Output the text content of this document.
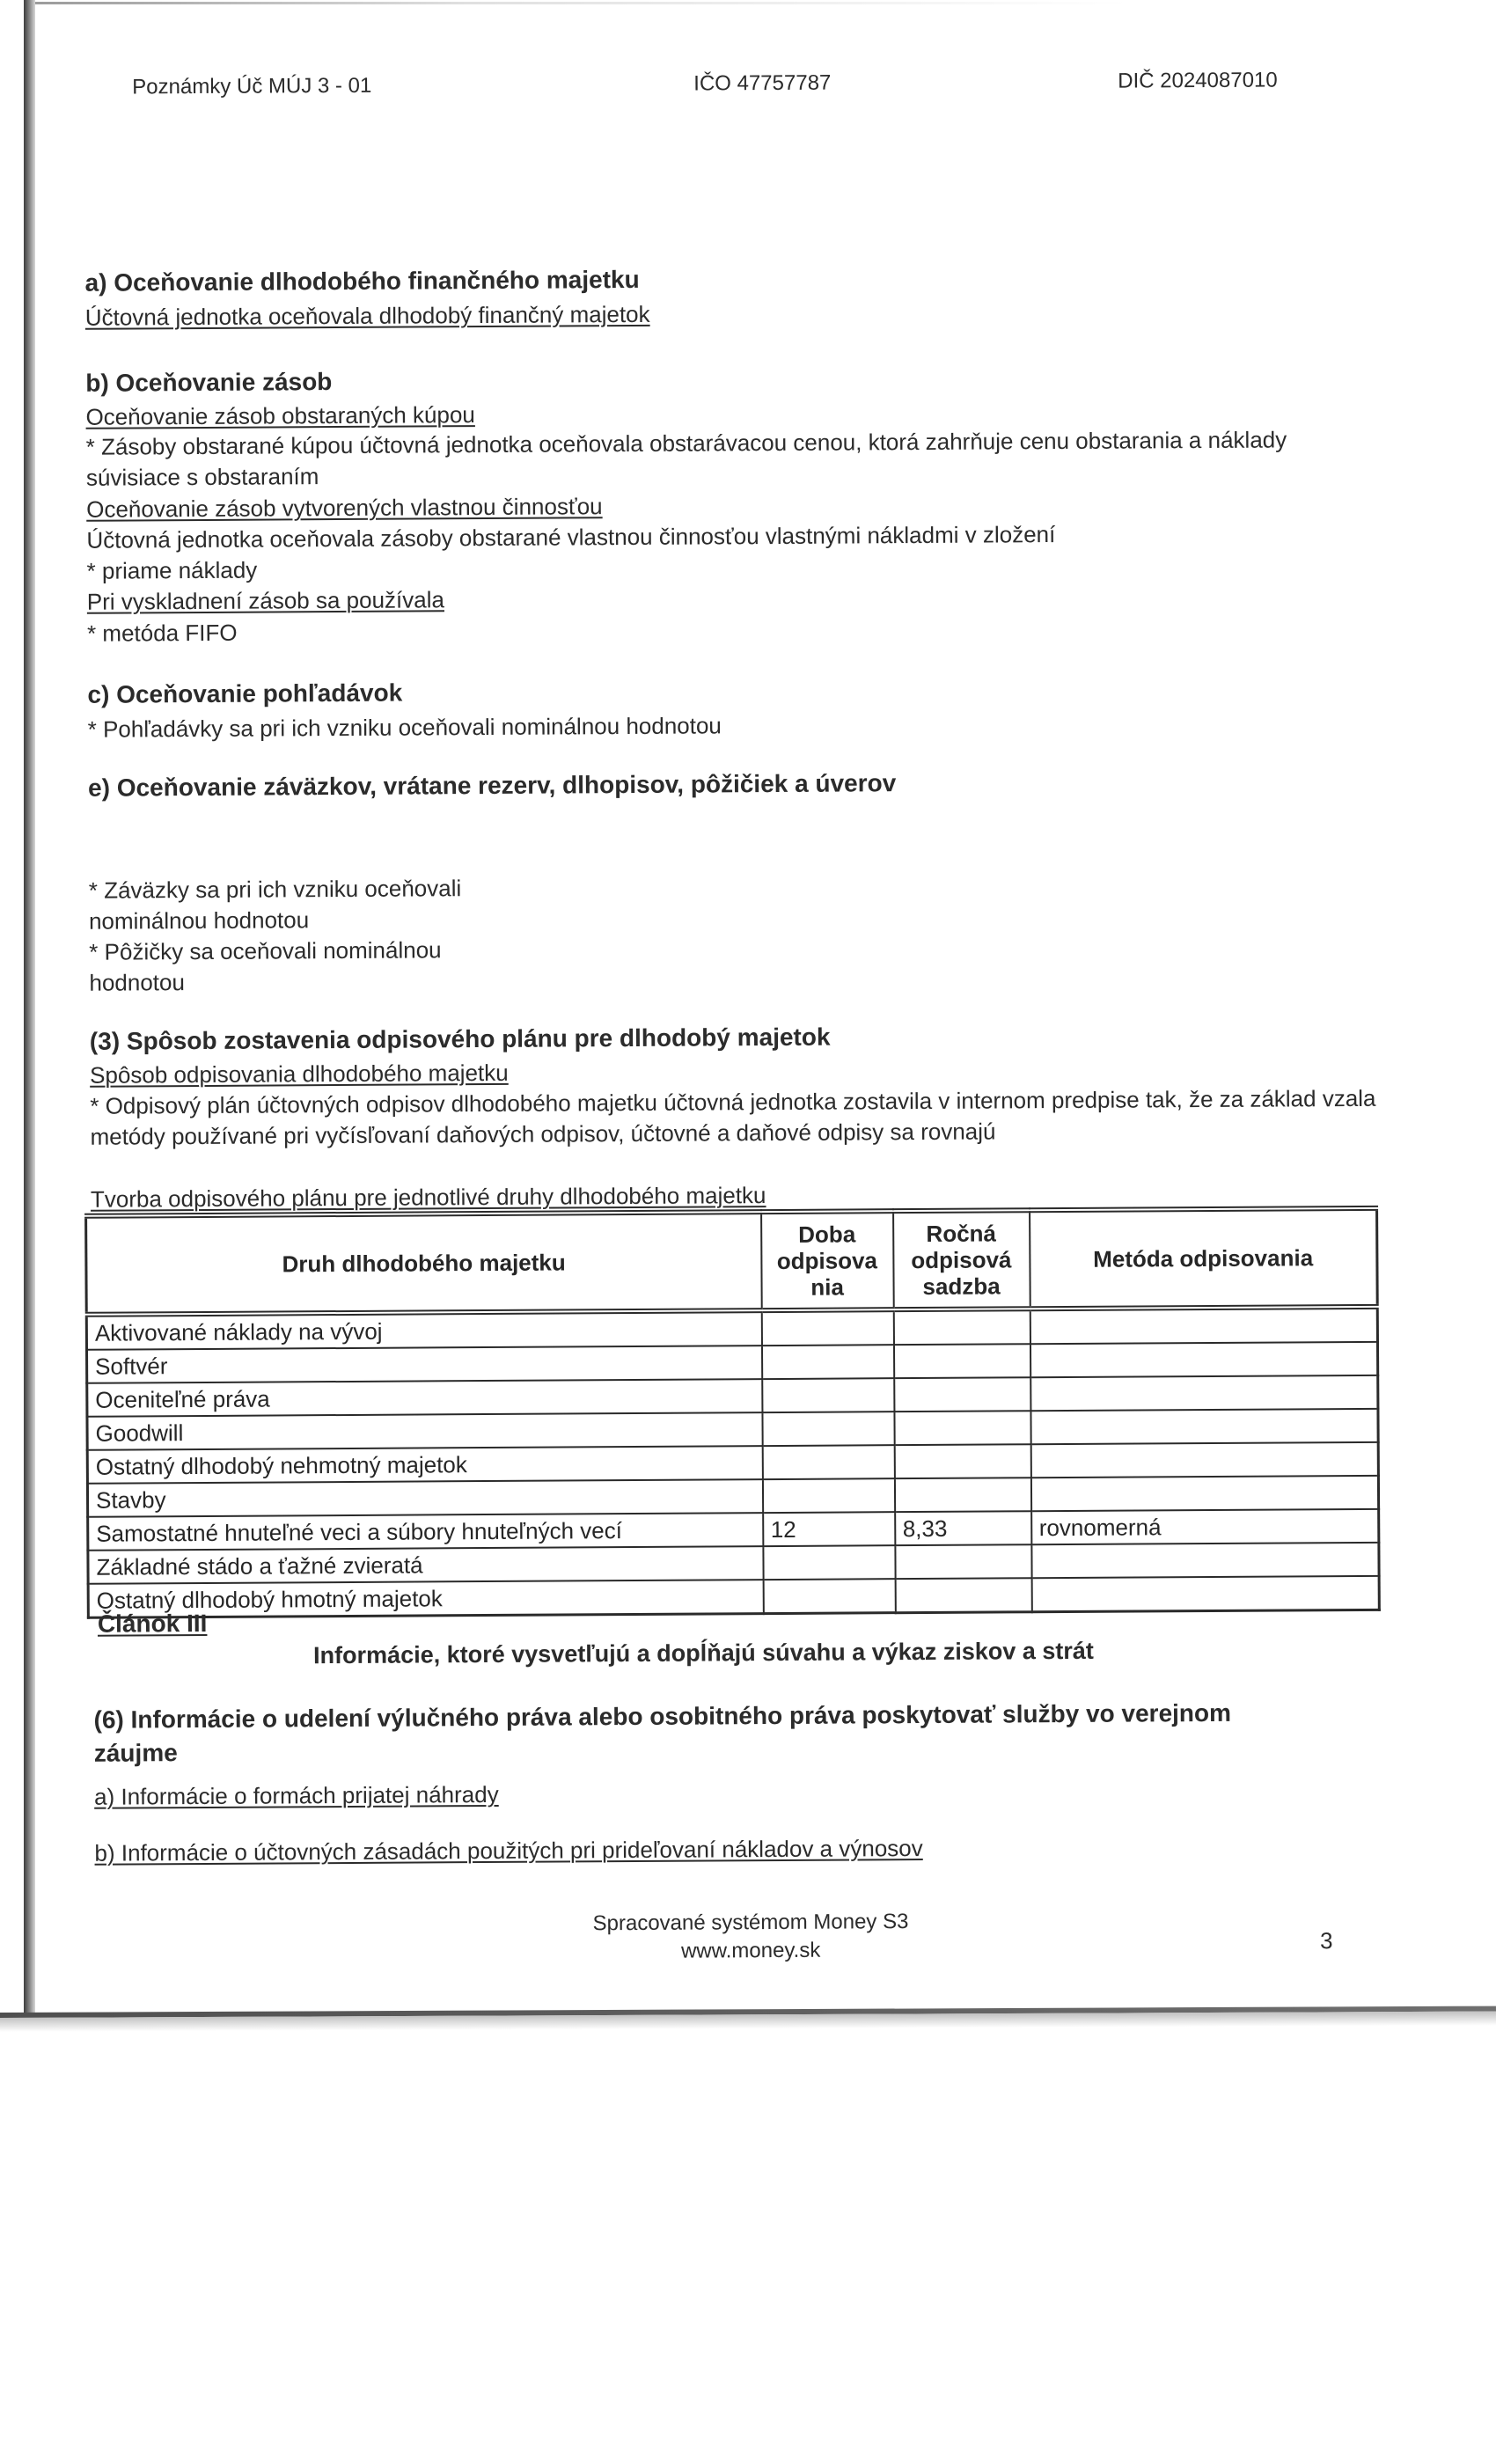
Poznámky Úč MÚJ 3 - 01	IČO 47757787	DIČ 2024087010
a) Oceňovanie dlhodobého finančného majetku
Účtovná jednotka oceňovala dlhodobý finančný majetok
b) Oceňovanie zásob
Oceňovanie zásob obstaraných kúpou
* Zásoby obstarané kúpou účtovná jednotka oceňovala obstarávacou cenou, ktorá zahrňuje cenu obstarania a náklady súvisiace s obstaraním
Oceňovanie zásob vytvorených vlastnou činnosťou
Účtovná jednotka oceňovala zásoby obstarané vlastnou činnosťou vlastnými nákladmi v zložení
* priame náklady
Pri vyskladnení zásob sa používala
* metóda FIFO
c) Oceňovanie pohľadávok
* Pohľadávky sa pri ich vzniku oceňovali nominálnou hodnotou
e) Oceňovanie záväzkov, vrátane rezerv, dlhopisov, pôžičiek a úverov
* Záväzky sa pri ich vzniku oceňovali
nominálnou hodnotou
* Pôžičky sa oceňovali nominálnou
hodnotou
(3) Spôsob zostavenia odpisového plánu pre dlhodobý majetok
Spôsob odpisovania dlhodobého majetku
* Odpisový plán účtovných odpisov dlhodobého majetku účtovná jednotka zostavila v internom predpise tak, že za základ vzala metódy používané pri vyčísľovaní daňových odpisov, účtovné a daňové odpisy sa rovnajú
Tvorba odpisového plánu pre jednotlivé druhy dlhodobého majetku
Druh dlhodobého majetku	Doba odpisova nia	Ročná odpisová sadzba	Metóda odpisovania
Aktivované náklady na vývoj			
Softvér			
Oceniteľné práva			
Goodwill			
Ostatný dlhodobý nehmotný majetok			
Stavby			
Samostatné hnuteľné veci a súbory hnuteľných vecí	12	8,33	rovnomerná
Základné stádo a ťažné zvieratá			
Ostatný dlhodobý hmotný majetok			
Článok III
Informácie, ktoré vysvetľujú a dopĺňajú súvahu a výkaz ziskov a strát
(6) Informácie o udelení výlučného práva alebo osobitného práva poskytovať služby vo verejnom záujme
a) Informácie o formách prijatej náhrady
b) Informácie o účtovných zásadách použitých pri prideľovaní nákladov a výnosov
Spracované systémom Money S3
www.money.sk	3
